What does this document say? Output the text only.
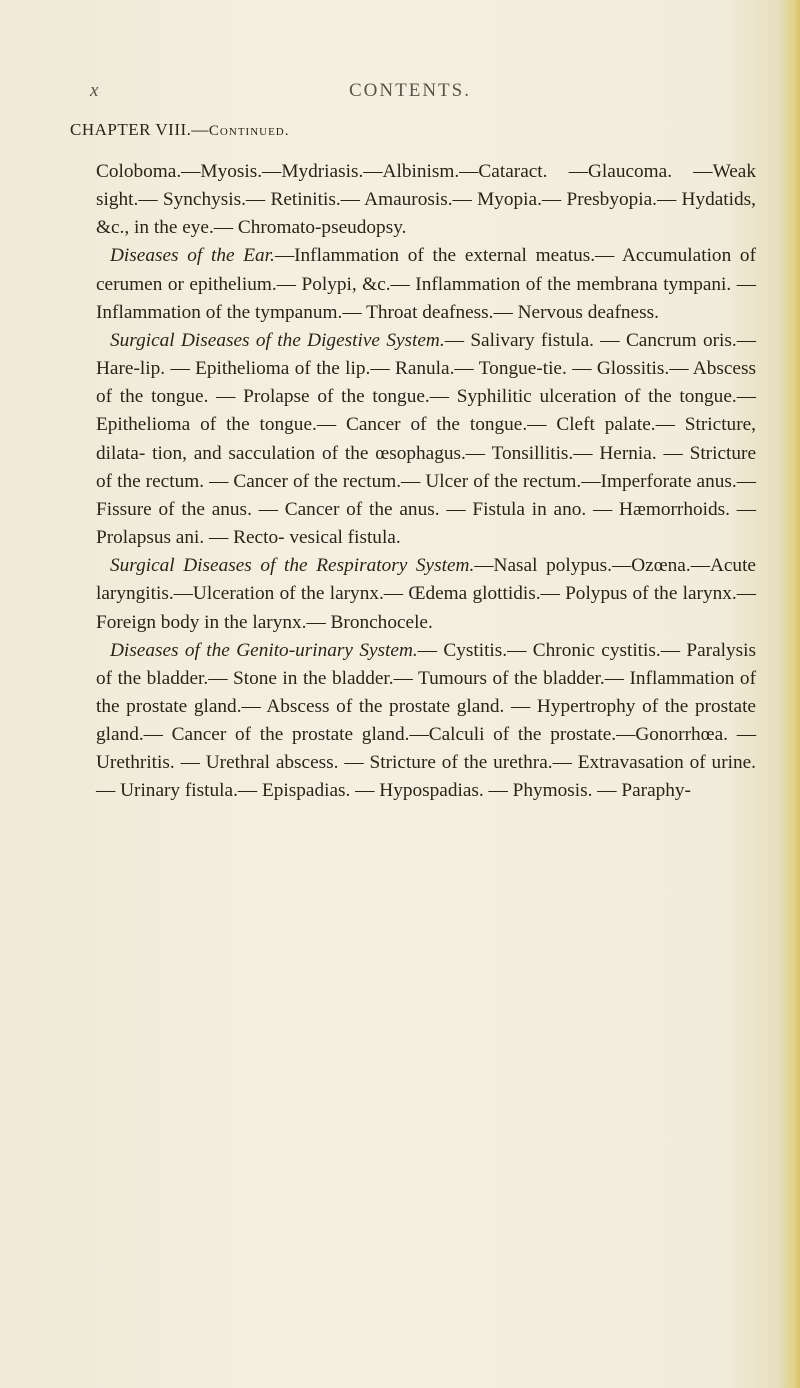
x	CONTENTS.
CHAPTER VIII.—Continued.

Coloboma.—Myosis.—Mydriasis.—Albinism.—Cataract. —Glaucoma. —Weak sight.— Synchysis.— Retinitis.— Amaurosis.— Myopia.— Presbyopia.— Hydatids, &c., in the eye.— Chromato-pseudopsy.

Diseases of the Ear.—Inflammation of the external meatus.— Accumulation of cerumen or epithelium.— Polypi, &c.— Inflammation of the membrana tympani. —Inflammation of the tympanum.— Throat deafness.— Nervous deafness.

Surgical Diseases of the Digestive System.— Salivary fistula. — Cancrum oris.— Hare-lip. — Epithelioma of the lip.— Ranula.— Tongue-tie. — Glossitis.— Abscess of the tongue. — Prolapse of the tongue.— Syphilitic ulceration of the tongue.—Epithelioma of the tongue.— Cancer of the tongue.— Cleft palate.— Stricture, dilata- tion, and sacculation of the œsophagus.— Tonsillitis.— Hernia. — Stricture of the rectum. — Cancer of the rectum.— Ulcer of the rectum.—Imperforate anus.— Fissure of the anus. — Cancer of the anus. — Fistula in ano. — Hæmorrhoids. — Prolapsus ani. — Recto- vesical fistula.

Surgical Diseases of the Respiratory System.—Nasal polypus.—Ozœna.—Acute laryngitis.—Ulceration of the larynx.— Œdema glottidis.— Polypus of the larynx.— Foreign body in the larynx.— Bronchocele.

Diseases of the Genito-urinary System.— Cystitis.— Chronic cystitis.— Paralysis of the bladder.— Stone in the bladder.— Tumours of the bladder.— Inflammation of the prostate gland.— Abscess of the prostate gland. — Hypertrophy of the prostate gland.— Cancer of the prostate gland.—Calculi of the prostate.—Gonorrhœa. — Urethritis. — Urethral abscess. — Stricture of the urethra.— Extravasation of urine.— Urinary fistula.— Epispadias. — Hypospadias. — Phymosis. — Paraphy-
